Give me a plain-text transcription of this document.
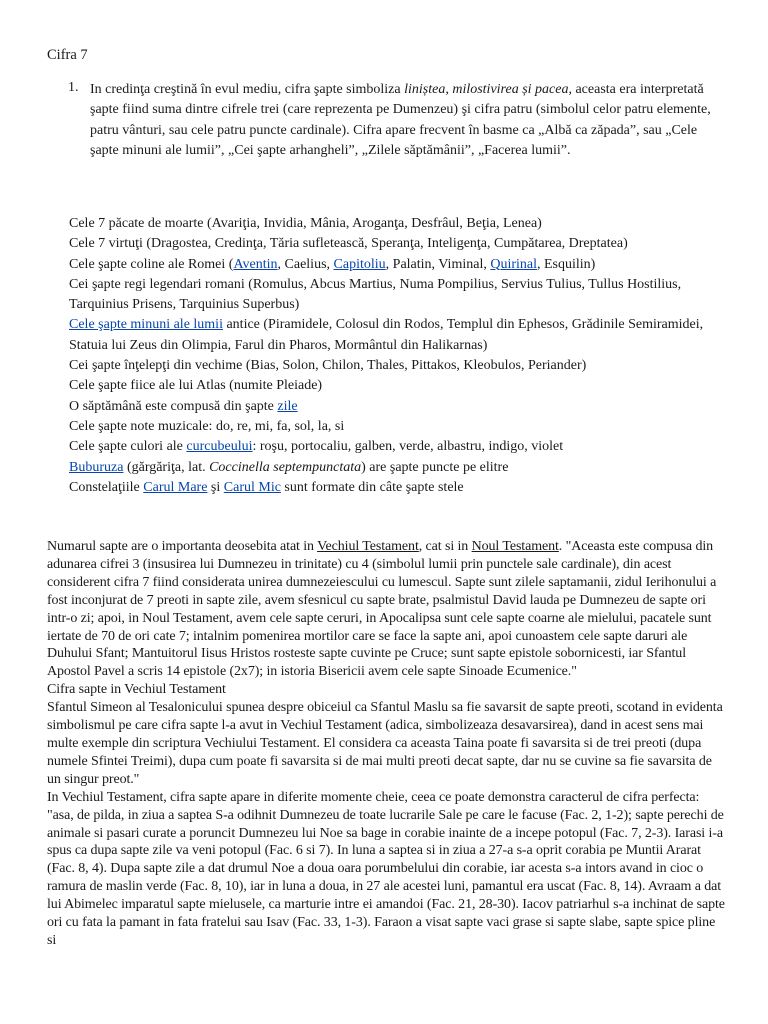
Cifra 7
1. In credinţa creştină în evul mediu, cifra şapte simboliza liniștea, milostivirea și pacea, aceasta era interpretată şapte fiind suma dintre cifrele trei (care reprezenta pe Dumenzeu) şi cifra patru (simbolul celor patru elemente, patru vânturi, sau cele patru puncte cardinale). Cifra apare frecvent în basme ca „Albă ca zăpada”, sau „Cele şapte minuni ale lumii”, „Cei şapte arhangheli”, „Zilele săptămânii”, „Facerea lumii”.
Cele 7 păcate de moarte (Avariţia, Invidia, Mânia, Aroganţa, Desfrâul, Beţia, Lenea)
Cele 7 virtuţi (Dragostea, Credinţa, Tăria sufletească, Speranţa, Inteligenţa, Cumpătarea, Dreptatea)
Cele şapte coline ale Romei (Aventin, Caelius, Capitoliu, Palatin, Viminal, Quirinal, Esquilin)
Cei şapte regi legendari romani (Romulus, Abcus Martius, Numa Pompilius, Servius Tulius, Tullus Hostilius, Tarquinius Prisens, Tarquinius Superbus)
Cele şapte minuni ale lumii antice (Piramidele, Colosul din Rodos, Templul din Ephesos, Grădinile Semiramidei, Statuia lui Zeus din Olimpia, Farul din Pharos, Mormântul din Halikarnas)
Cei şapte înţelepţi din vechime (Bias, Solon, Chilon, Thales, Pittakos, Kleobulos, Periander)
Cele şapte fiice ale lui Atlas (numite Pleiade)
O săptămână este compusă din şapte zile
Cele şapte note muzicale: do, re, mi, fa, sol, la, si
Cele şapte culori ale curcubeului: roşu, portocaliu, galben, verde, albastru, indigo, violet
Buburuza (gărgăriţa, lat. Coccinella septempunctata) are şapte puncte pe elitre
Constelaţiile Carul Mare şi Carul Mic sunt formate din câte şapte stele

Numarul sapte are o importanta deosebita atat in Vechiul Testament, cat si in Noul Testament. "Aceasta este compusa din adunarea cifrei 3 (insusirea lui Dumnezeu in trinitate) cu 4 (simbolul lumii prin punctele sale cardinale), din acest considerent cifra 7 fiind considerata unirea dumnezeiescului cu lumescul. Sapte sunt zilele saptamanii, zidul Ierihonului a fost inconjurat de 7 preoti in sapte zile, avem sfesnicul cu sapte brate, psalmistul David lauda pe Dumnezeu de sapte ori intr-o zi; apoi, in Noul Testament, avem cele sapte ceruri, in Apocalipsa sunt cele sapte coarne ale mielului, pacatele sunt iertate de 70 de ori cate 7; intalnim pomenirea mortilor care se face la sapte ani, apoi cunoastem cele sapte daruri ale Duhului Sfant; Mantuitorul Iisus Hristos rosteste sapte cuvinte pe Cruce; sunt sapte epistole sobornicesti, iar Sfantul Apostol Pavel a scris 14 epistole (2x7); in istoria Bisericii avem cele sapte Sinoade Ecumenice."

Cifra sapte in Vechiul Testament

Sfantul Simeon al Tesalonicului spunea despre obiceiul ca Sfantul Maslu sa fie savarsit de sapte preoti, scotand in evidenta simbolismul pe care cifra sapte l-a avut in Vechiul Testament (adica, simbolizeaza desavarsirea), dand in acest sens mai multe exemple din scriptura Vechiului Testament. El considera ca aceasta Taina poate fi savarsita si de trei preoti (dupa numele Sfintei Treimi), dupa cum poate fi savarsita si de mai multi preoti decat sapte, dar nu se cuvine sa fie savarsita de un singur preot."

In Vechiul Testament, cifra sapte apare in diferite momente cheie, ceea ce poate demonstra caracterul de cifra perfecta: "asa, de pilda, in ziua a saptea S-a odihnit Dumnezeu de toate lucrarile Sale pe care le facuse (Fac. 2, 1-2); sapte perechi de animale si pasari curate a poruncit Dumnezeu lui Noe sa bage in corabie inainte de a incepe potopul (Fac. 7, 2-3). Iarasi i-a spus ca dupa sapte zile va veni potopul (Fac. 6 si 7). In luna a saptea si in ziua a 27-a s-a oprit corabia pe Muntii Ararat (Fac. 8, 4). Dupa sapte zile a dat drumul Noe a doua oara porumbelului din corabie, iar acesta s-a intors avand in cioc o ramura de maslin verde (Fac. 8, 10), iar in luna a doua, in 27 ale acestei luni, pamantul era uscat (Fac. 8, 14). Avraam a dat lui Abimelec imparatul sapte mielusele, ca marturie intre ei amandoi (Fac. 21, 28-30). Iacov patriarhul s-a inchinat de sapte ori cu fata la pamant in fata fratelui sau Isav (Fac. 33, 1-3). Faraon a visat sapte vaci grase si sapte slabe, sapte spice pline si
